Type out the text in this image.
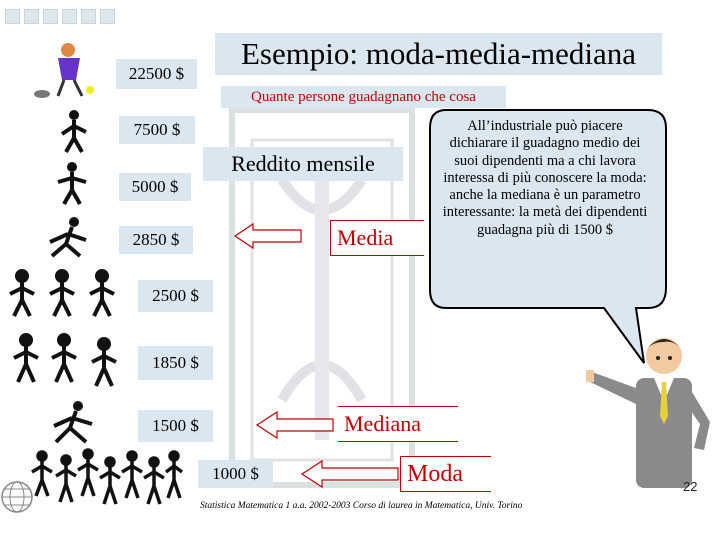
Esempio: moda-media-mediana
Quante persone guadagnano che cosa
Reddito mensile
22500 $
7500 $
5000 $
2850 $
2500 $
1850 $
1500 $
1000 $
Media
Mediana
Moda
All’industriale può piacere dichiarare il guadagno medio dei suoi dipendenti ma a chi lavora interessa di più conoscere la moda: anche la mediana è un parametro interessante: la metà dei dipendenti guadagna più di 1500 $
Statistica Matematica 1 a.a. 2002-2003 Corso di laurea in Matematica, Univ. Torino
22
